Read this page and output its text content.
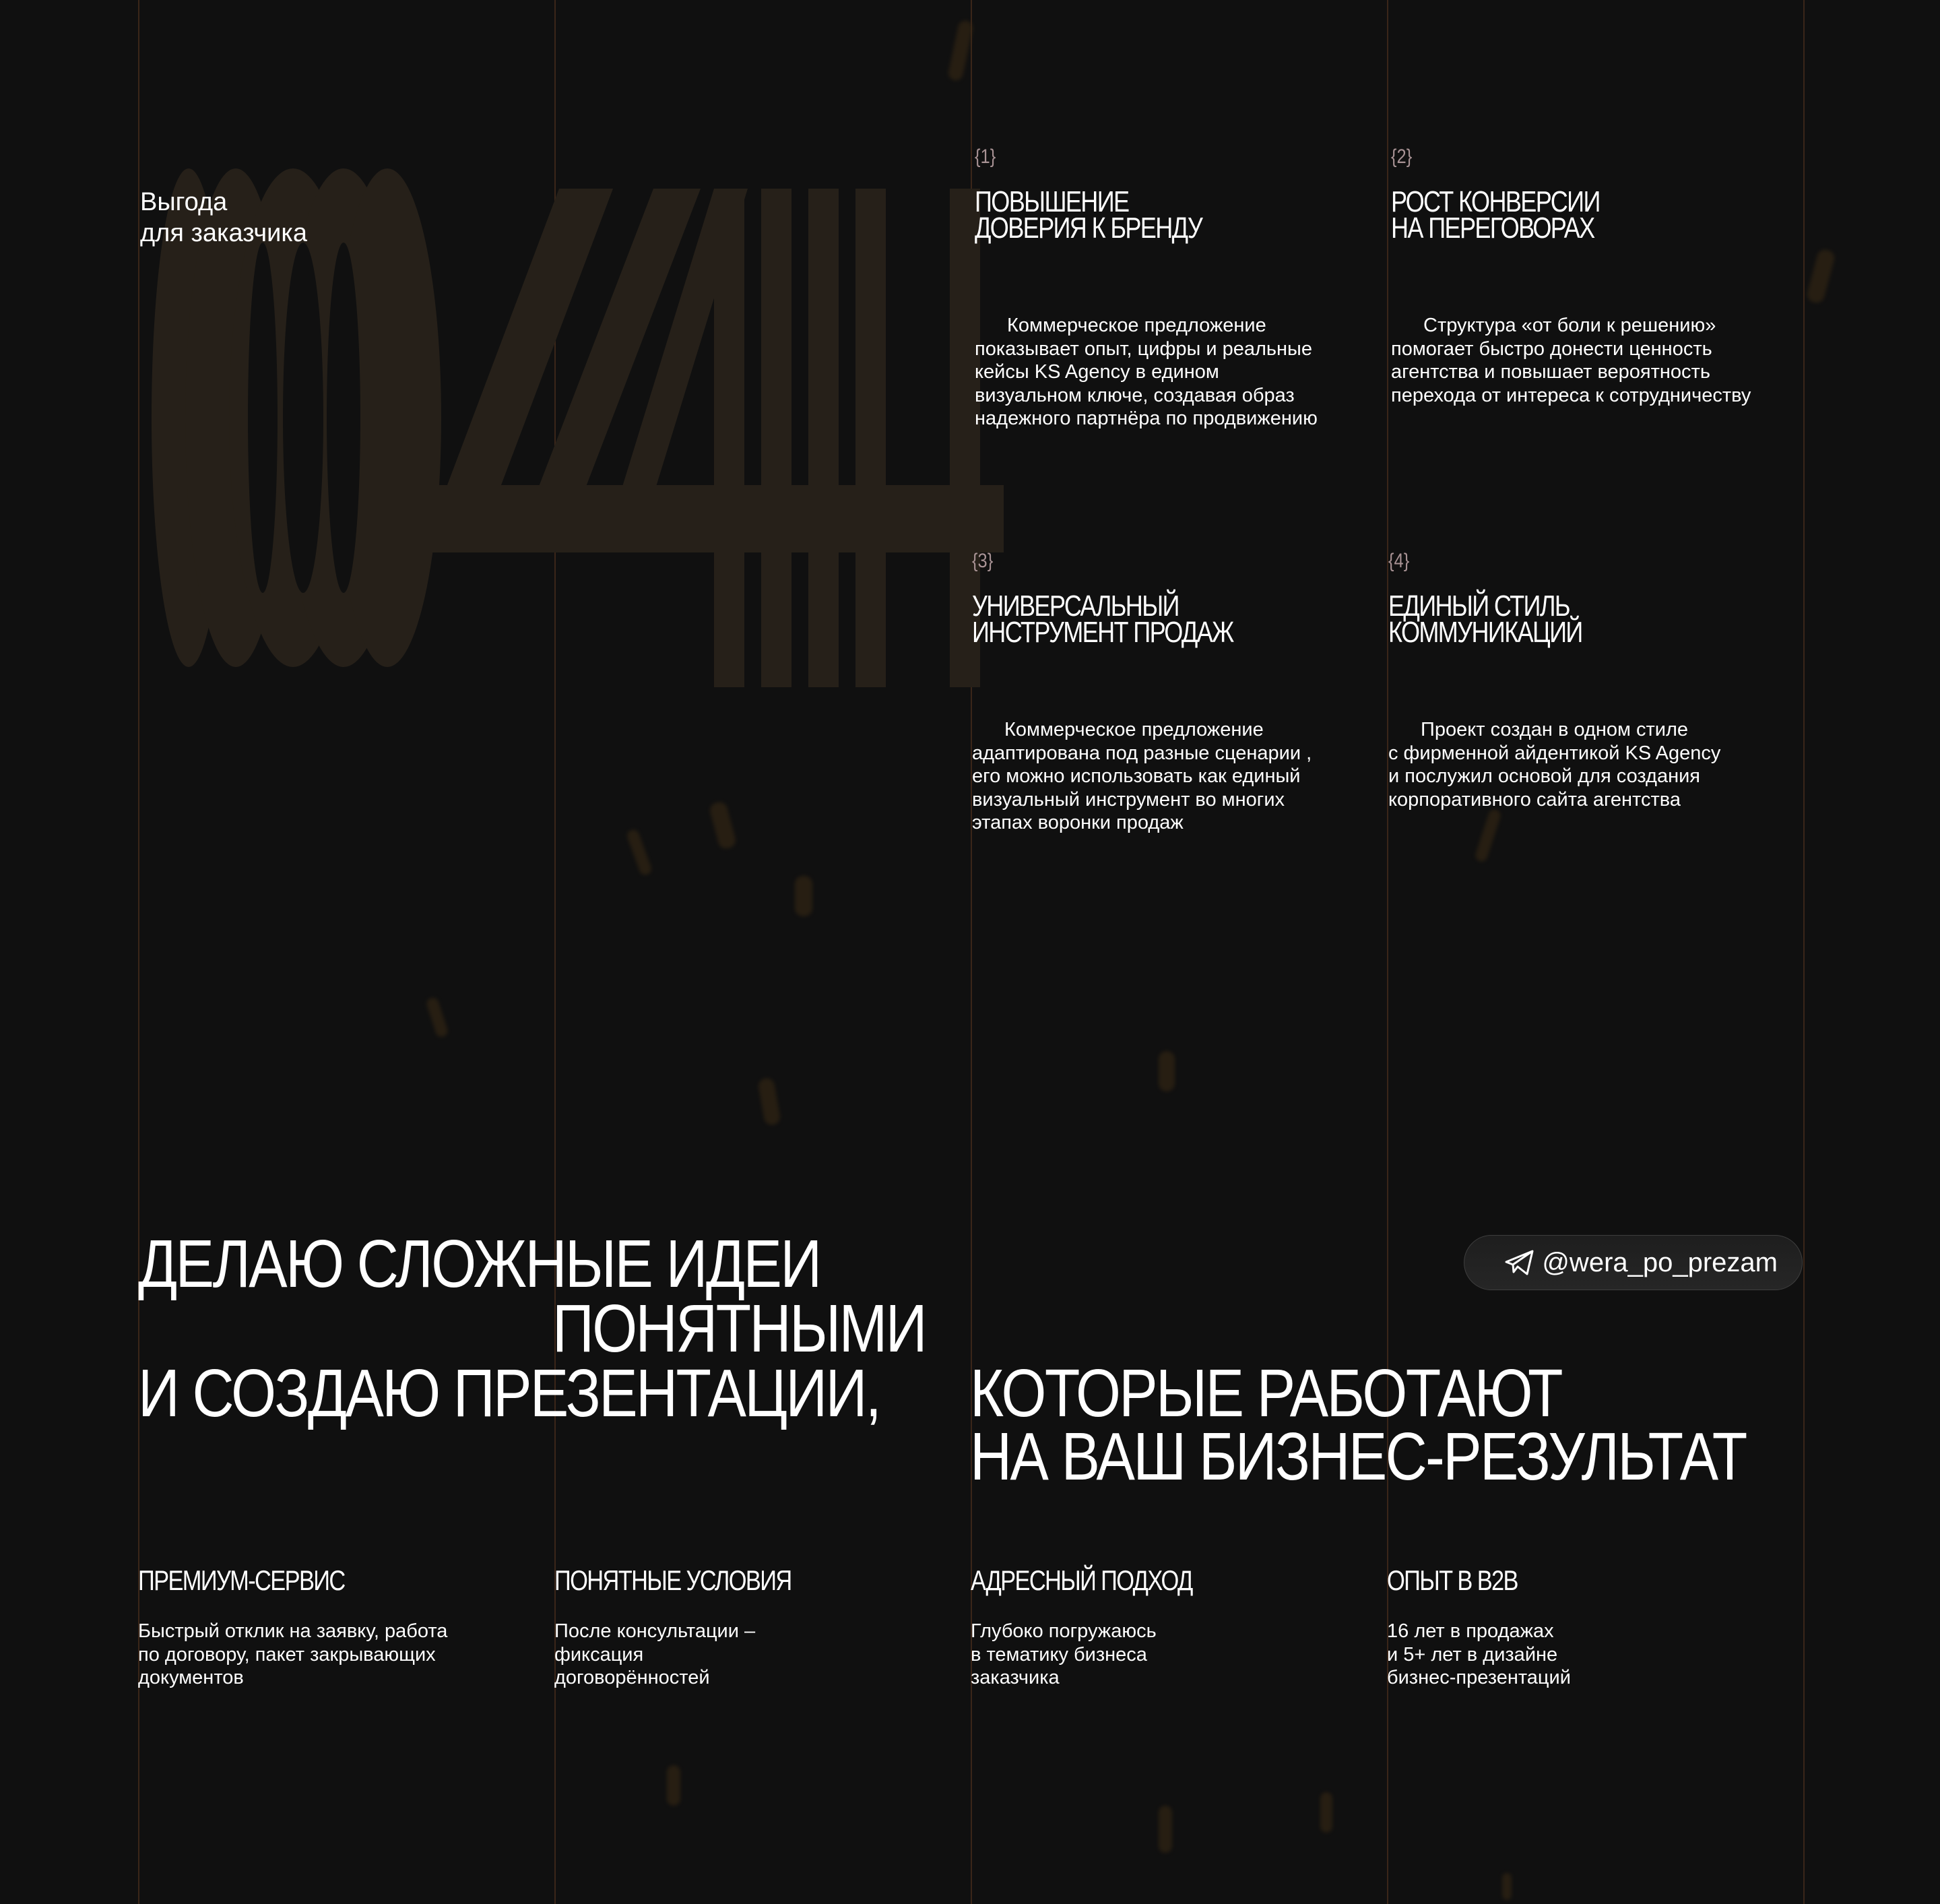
Выгода
для заказчика
{1}
ПОВЫШЕНИЕ
ДОВЕРИЯ К БРЕНДУ
Коммерческое предложение
показывает опыт, цифры и реальные
кейсы KS Agency в едином
визуальном ключе, создавая образ
надежного партнёра по продвижению
{2}
РОСТ КОНВЕРСИИ
НА ПЕРЕГОВОРАХ
Структура «от боли к решению»
помогает быстро донести ценность
агентства и повышает вероятность
перехода от интереса к сотрудничеству
{3}
УНИВЕРСАЛЬНЫЙ
ИНСТРУМЕНТ ПРОДАЖ
Коммерческое предложение
адаптирована под разные сценарии ,
его можно использовать как единый
визуальный инструмент во многих
этапах воронки продаж
{4}
ЕДИНЫЙ СТИЛЬ
КОММУНИКАЦИЙ
Проект создан в одном стиле
с фирменной айдентикой KS Agency
и послужил основой для создания
корпоративного сайта агентства
@wera_po_prezam
ДЕЛАЮ СЛОЖНЫЕ ИДЕИ
ПОНЯТНЫМИ
И СОЗДАЮ ПРЕЗЕНТАЦИИ, КОТОРЫЕ РАБОТАЮТ
НА ВАШ БИЗНЕС-РЕЗУЛЬТАТ
ПРЕМИУМ-СЕРВИС
Быстрый отклик на заявку, работа
по договору, пакет закрывающих
документов
ПОНЯТНЫЕ УСЛОВИЯ
После консультации –
фиксация
договорённостей
АДРЕСНЫЙ ПОДХОД
Глубоко погружаюсь
в тематику бизнеса
заказчика
ОПЫТ В B2B
16 лет в продажах
и 5+ лет в дизайне
бизнес-презентаций
